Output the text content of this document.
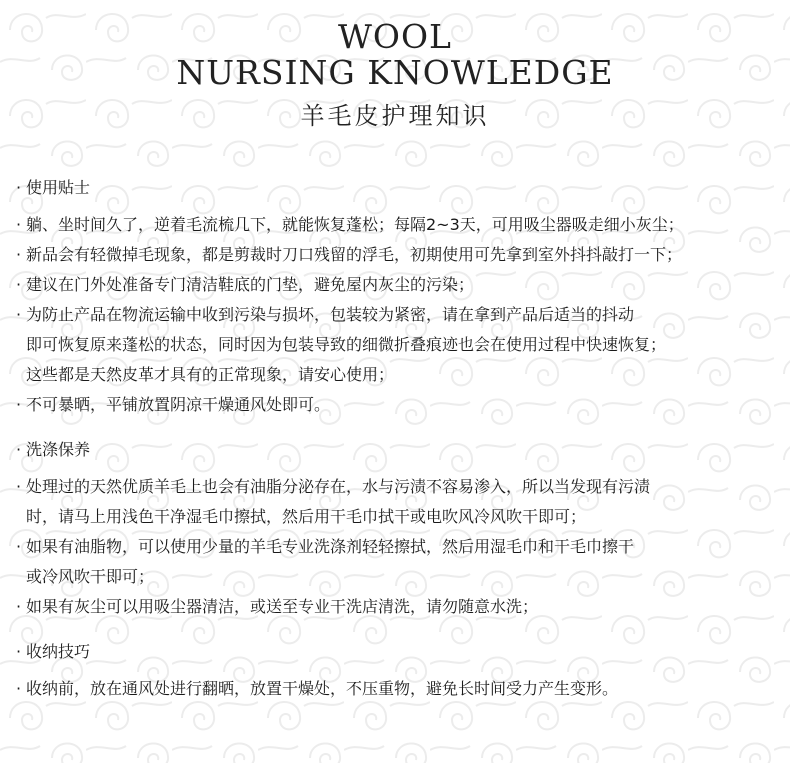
WOOL
NURSING KNOWLEDGE
羊毛皮护理知识
· 使用贴士
· 躺、坐时间久了，逆着毛流梳几下，就能恢复蓬松；每隔2~3天，可用吸尘器吸走细小灰尘；
· 新品会有轻微掉毛现象，都是剪裁时刀口残留的浮毛，初期使用可先拿到室外抖抖敲打一下；
· 建议在门外处准备专门清洁鞋底的门垫，避免屋内灰尘的污染；
· 为防止产品在物流运输中收到污染与损坏，包装较为紧密，请在拿到产品后适当的抖动
即可恢复原来蓬松的状态，同时因为包装导致的细微折叠痕迹也会在使用过程中快速恢复；
这些都是天然皮革才具有的正常现象，请安心使用；
· 不可暴晒，平铺放置阴凉干燥通风处即可。
· 洗涤保养
· 处理过的天然优质羊毛上也会有油脂分泌存在，水与污渍不容易渗入，所以当发现有污渍
时，请马上用浅色干净湿毛巾擦拭，然后用干毛巾拭干或电吹风冷风吹干即可；
· 如果有油脂物，可以使用少量的羊毛专业洗涤剂轻轻擦拭，然后用湿毛巾和干毛巾擦干
或冷风吹干即可；
· 如果有灰尘可以用吸尘器清洁，或送至专业干洗店清洗，请勿随意水洗；
· 收纳技巧
· 收纳前，放在通风处进行翻晒，放置干燥处，不压重物，避免长时间受力产生变形。
